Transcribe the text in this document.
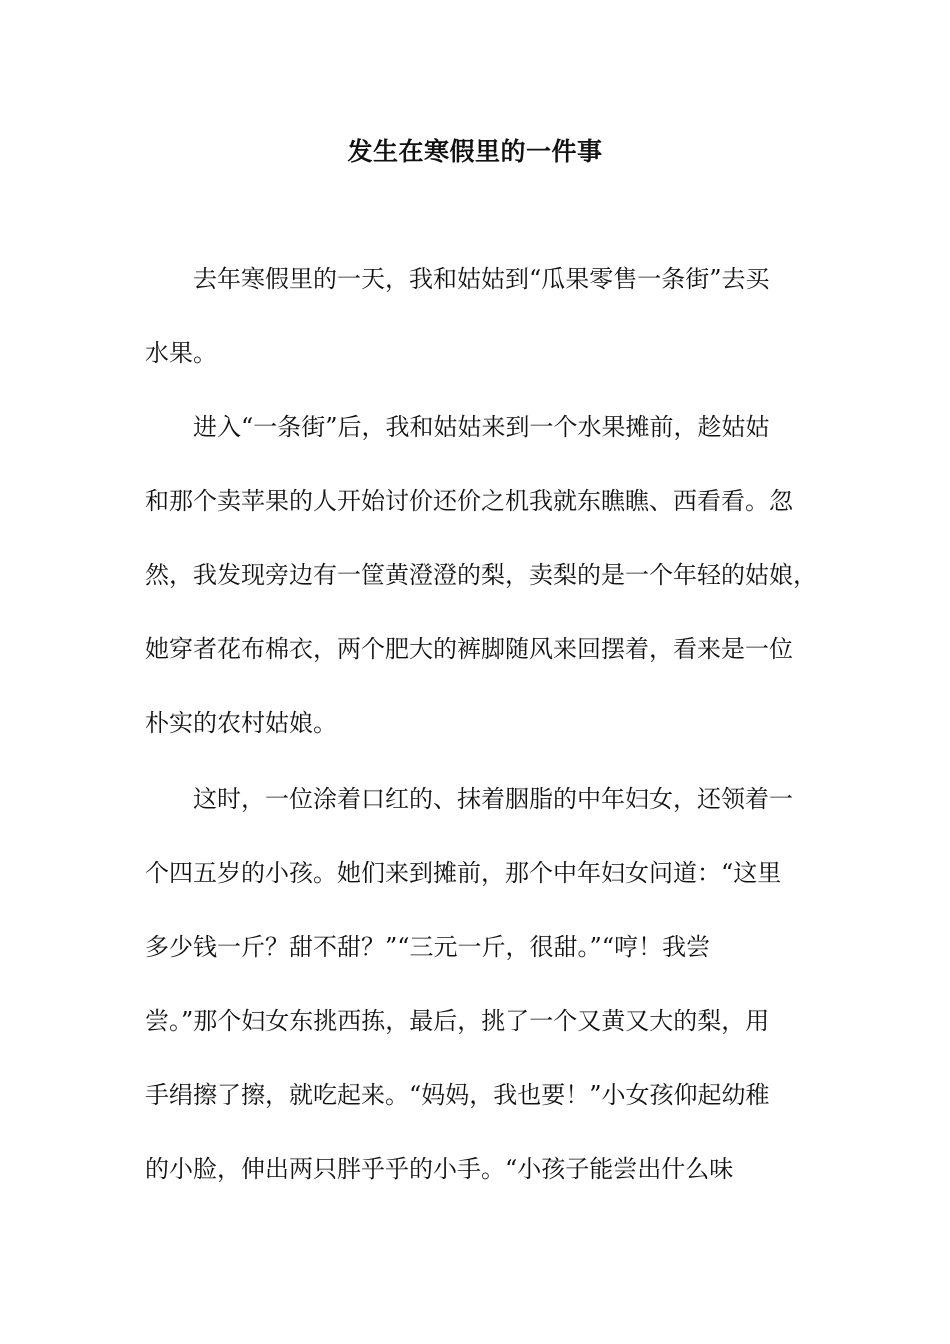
发生在寒假里的一件事
去年寒假里的一天，我和姑姑到“瓜果零售一条街”去买
水果。
进入“一条街”后，我和姑姑来到一个水果摊前，趁姑姑
和那个卖苹果的人开始讨价还价之机我就东瞧瞧、西看看。忽
然，我发现旁边有一筐黄澄澄的梨，卖梨的是一个年轻的姑娘，
她穿者花布棉衣，两个肥大的裤脚随风来回摆着，看来是一位
朴实的农村姑娘。
这时，一位涂着口红的、抹着胭脂的中年妇女，还领着一
个四五岁的小孩。她们来到摊前，那个中年妇女问道：“这里
多少钱一斤？甜不甜？”“三元一斤，很甜。”“哼！我尝
尝。”那个妇女东挑西拣，最后，挑了一个又黄又大的梨，用
手绢擦了擦，就吃起来。“妈妈，我也要！”小女孩仰起幼稚
的小脸，伸出两只胖乎乎的小手。“小孩子能尝出什么味
